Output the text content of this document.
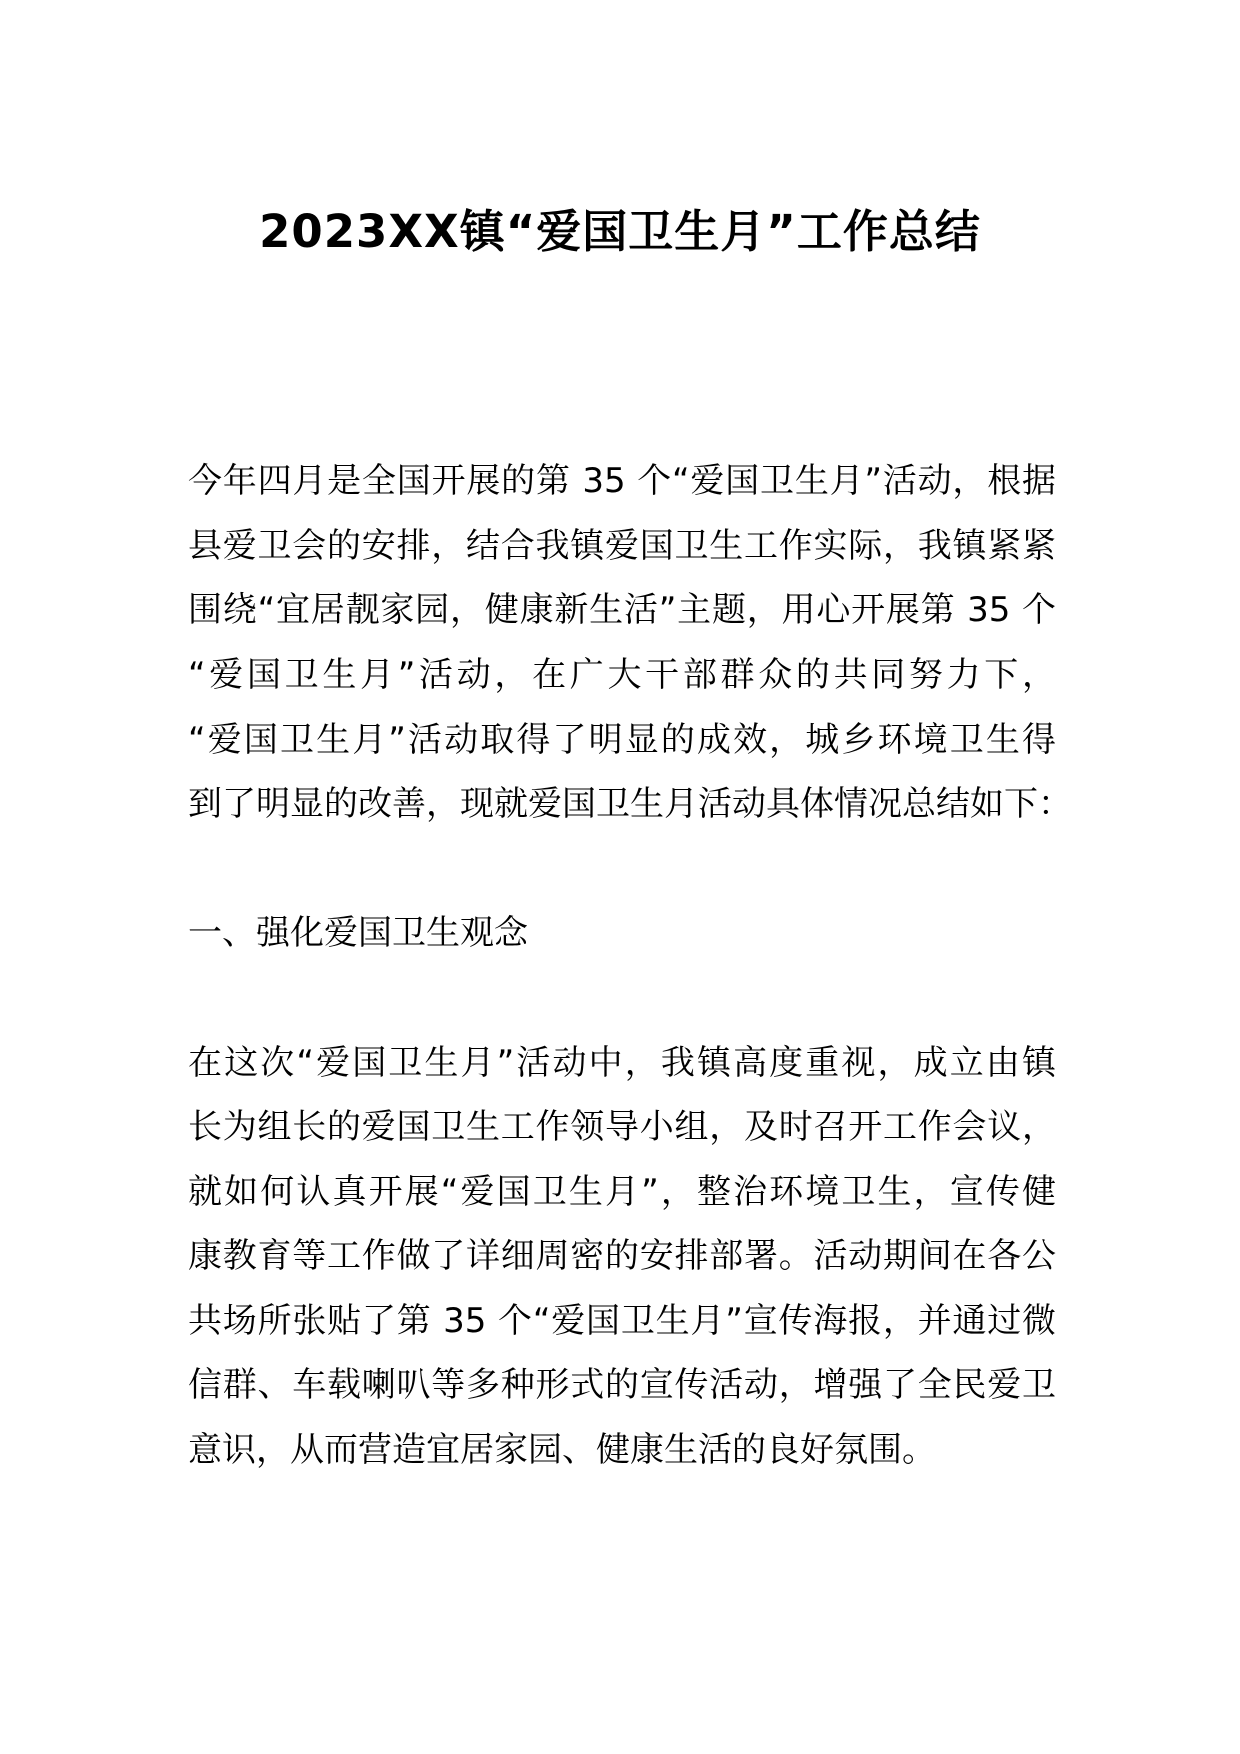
2023XX镇“爱国卫生月”工作总结
今年四月是全国开展的第 35 个“爱国卫生月”活动，根据
县爱卫会的安排，结合我镇爱国卫生工作实际，我镇紧紧
围绕“宜居靓家园，健康新生活”主题，用心开展第 35 个
“爱国卫生月”活动，在广大干部群众的共同努力下，
“爱国卫生月”活动取得了明显的成效，城乡环境卫生得
到了明显的改善，现就爱国卫生月活动具体情况总结如下：
一、强化爱国卫生观念
在这次“爱国卫生月”活动中，我镇高度重视，成立由镇
长为组长的爱国卫生工作领导小组，及时召开工作会议，
就如何认真开展“爱国卫生月”，整治环境卫生，宣传健
康教育等工作做了详细周密的安排部署。活动期间在各公
共场所张贴了第 35 个“爱国卫生月”宣传海报，并通过微
信群、车载喇叭等多种形式的宣传活动，增强了全民爱卫
意识，从而营造宜居家园、健康生活的良好氛围。
